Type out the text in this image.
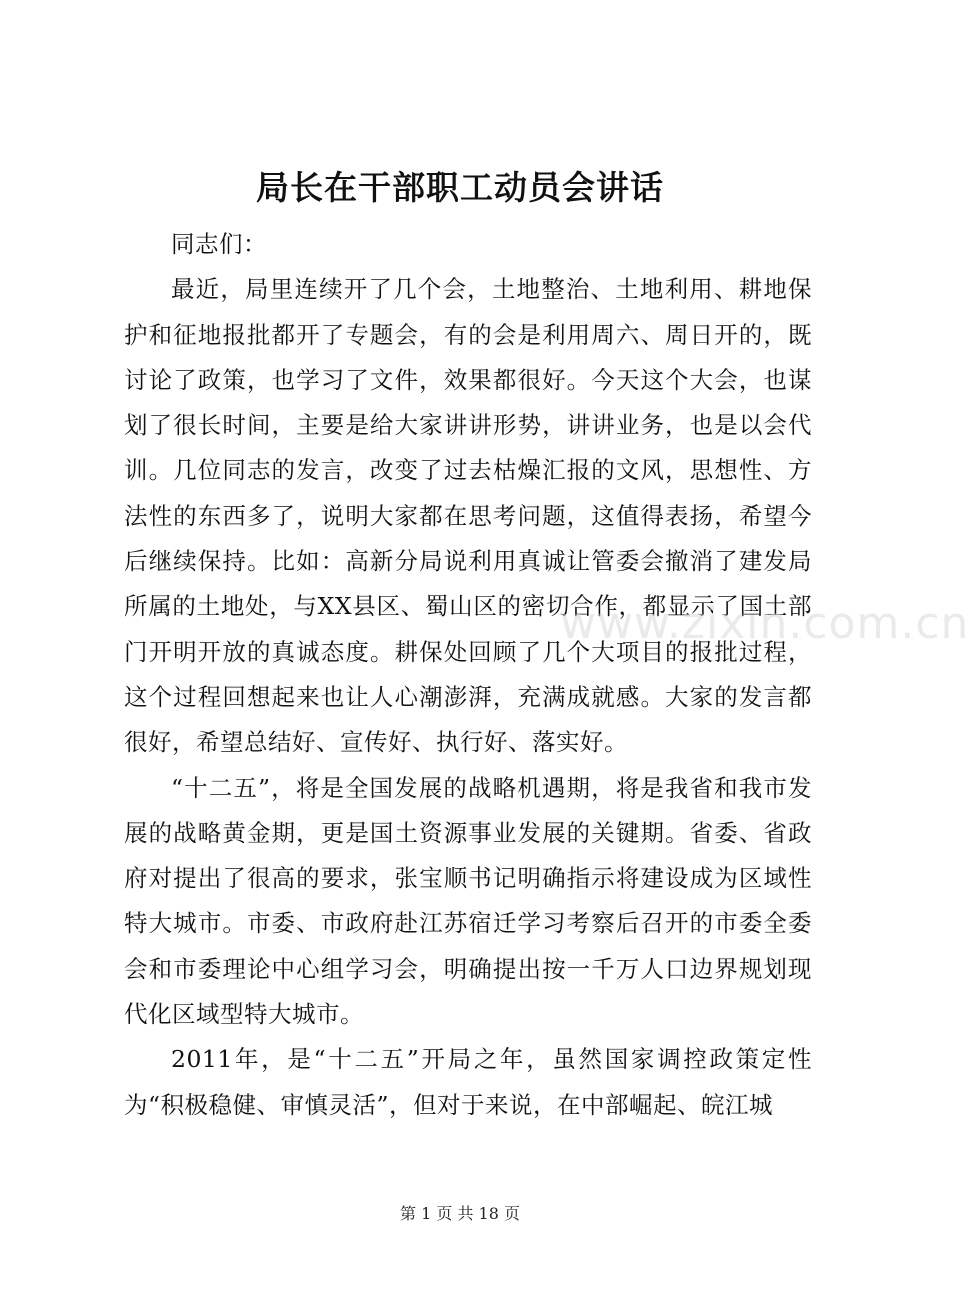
局长在干部职工动员会讲话

同志们：

最近，局里连续开了几个会，土地整治、土地利用、耕地保护和征地报批都开了专题会，有的会是利用周六、周日开的，既讨论了政策，也学习了文件，效果都很好。今天这个大会，也谋划了很长时间，主要是给大家讲讲形势，讲讲业务，也是以会代训。几位同志的发言，改变了过去枯燥汇报的文风，思想性、方法性的东西多了，说明大家都在思考问题，这值得表扬，希望今后继续保持。比如：高新分局说利用真诚让管委会撤消了建发局所属的土地处，与XX县区、蜀山区的密切合作，都显示了国土部门开明开放的真诚态度。耕保处回顾了几个大项目的报批过程，这个过程回想起来也让人心潮澎湃，充满成就感。大家的发言都很好，希望总结好、宣传好、执行好、落实好。

“十二五”，将是全国发展的战略机遇期，将是我省和我市发展的战略黄金期，更是国土资源事业发展的关键期。省委、省政府对提出了很高的要求，张宝顺书记明确指示将建设成为区域性特大城市。市委、市政府赴江苏宿迁学习考察后召开的市委全委会和市委理论中心组学习会，明确提出按一千万人口边界规划现代化区域型特大城市。

2011年，是“十二五”开局之年，虽然国家调控政策定性为“积极稳健、审慎灵活”，但对于来说，在中部崛起、皖江城

www.zixin.com.cn
第 1 页 共 18 页
